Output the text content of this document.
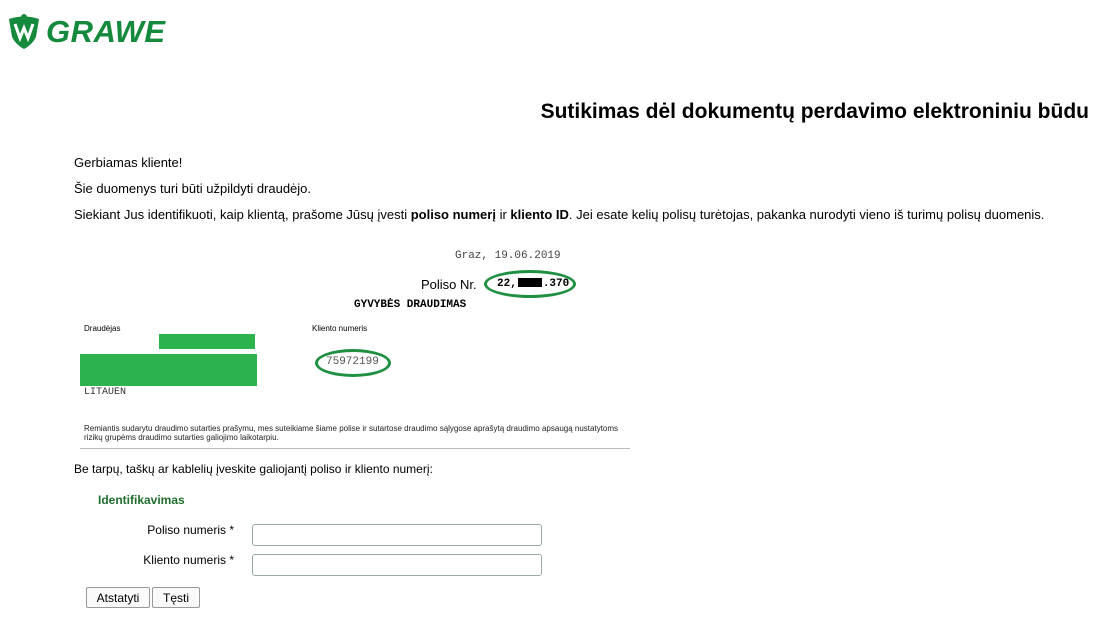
GRAWE
Sutikimas dėl dokumentų perdavimo elektroniniu būdu
Gerbiamas kliente!
Šie duomenys turi būti užpildyti draudėjo.
Siekiant Jus identifikuoti, kaip klientą, prašome Jūsų įvesti poliso numerį ir kliento ID. Jei esate kelių polisų turėtojas, pakanka nurodyti vieno iš turimų polisų duomenis.
Graz, 19.06.2019
Poliso Nr. 22, .370
GYVYBĖS DRAUDIMAS
Draudėjas	Kliento numeris
75972199
LITAUEN
Remiantis sudarytu draudimo sutarties prašymu, mes suteikiame šiame polise ir sutartose draudimo sąlygose aprašytą draudimo apsaugą nustatytoms rizikų grupėms draudimo sutarties galiojimo laikotarpiu.
Be tarpų, taškų ar kablelių įveskite galiojantį poliso ir kliento numerį:
Identifikavimas
Poliso numeris *
Kliento numeris *
Atstatyti	Tęsti
